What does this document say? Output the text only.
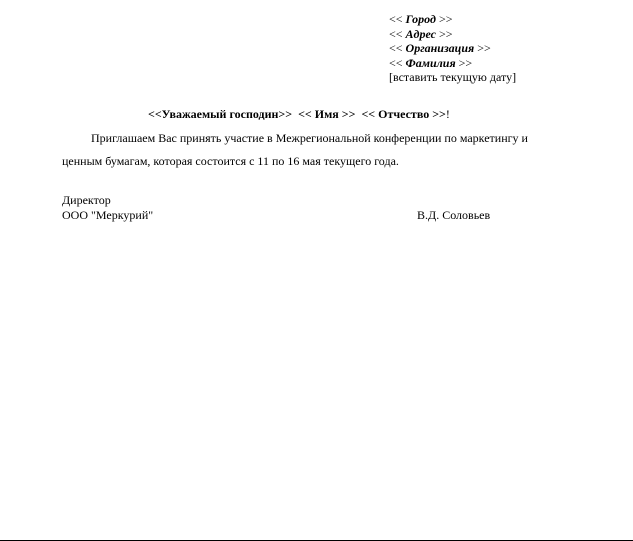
<< Город >>
<< Адрес >>
<< Организация >>
<< Фамилия >>
[вставить текущую дату]
<<Уважаемый господин>> << Имя >> << Отчество >>!
Приглашаем Вас принять участие в Межрегиональной конференции по маркетингу и
ценным бумагам, которая состоится с 11 по 16 мая текущего года.
Директор
ООО "Меркурий"	В.Д. Соловьев
